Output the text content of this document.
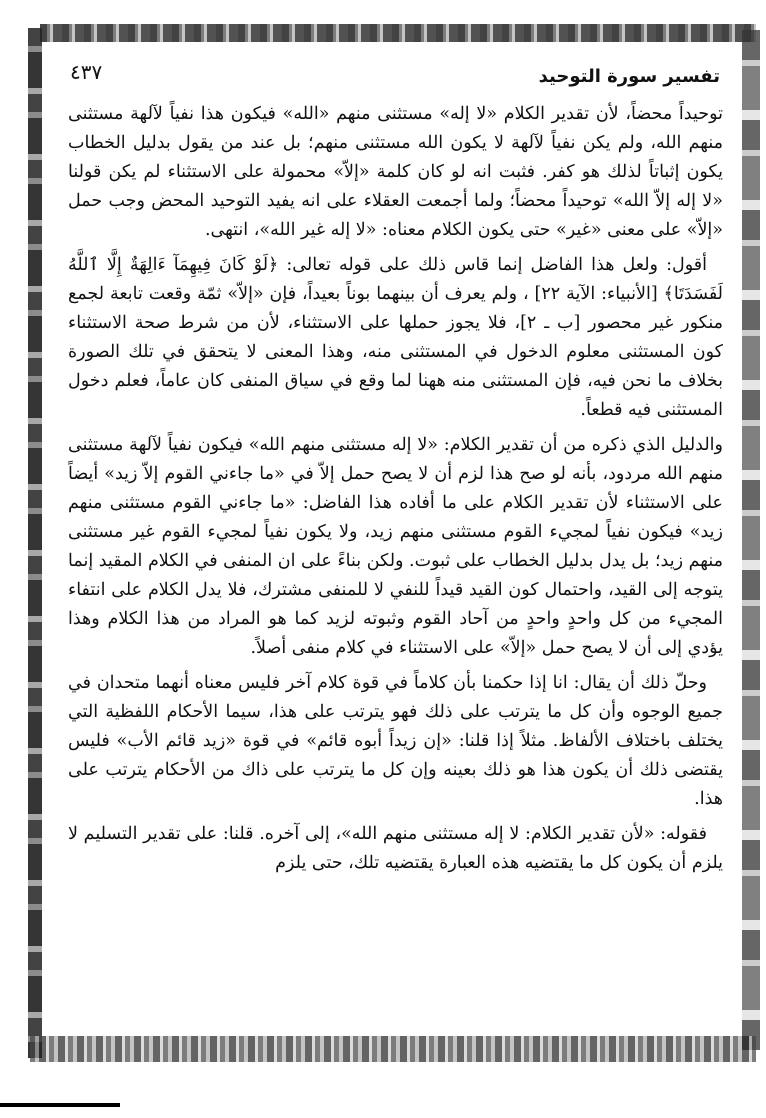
تفسير سورة التوحيد
٤٣٧

توحيداً محضاً، لأن تقدير الكلام «لا إله» مستثنى منهم «الله» فيكون هذا نفياً لآلهة مستثنى منهم الله، ولم يكن نفياً لآلهة لا يكون الله مستثنى منهم؛ بل عند من يقول بدليل الخطاب يكون إثباتاً لذلك هو كفر. فثبت انه لو كان كلمة «إلاّ» محمولة على الاستثناء لم يكن قولنا «لا إله إلاّ الله» توحيداً محضاً؛ ولما أجمعت العقلاء على انه يفيد التوحيد المحض وجب حمل «إلاّ» على معنى «غير» حتى يكون الكلام معناه: «لا إله غير الله»، انتهى.

أقول: ولعل هذا الفاضل إنما قاس ذلك على قوله تعالى: ﴿لَوْ كَانَ فِيهِمَآ ءَالِهَةٌ إِلَّا ٱللَّهُ لَفَسَدَتَا﴾ [الأنبياء: الآية ٢٢] ، ولم يعرف أن بينهما بوناً بعيداً، فإن «إلاّ» ثمّة وقعت تابعة لجمع منكور غير محصور [ب ـ ٢]، فلا يجوز حملها على الاستثناء، لأن من شرط صحة الاستثناء كون المستثنى معلوم الدخول في المستثنى منه، وهذا المعنى لا يتحقق في تلك الصورة بخلاف ما نحن فيه، فإن المستثنى منه ههنا لما وقع في سياق المنفى كان عاماً، فعلم دخول المستثنى فيه قطعاً.

والدليل الذي ذكره من أن تقدير الكلام: «لا إله مستثنى منهم الله» فيكون نفياً لآلهة مستثنى منهم الله مردود، بأنه لو صح هذا لزم أن لا يصح حمل إلاّ في «ما جاءني القوم إلاّ زيد» أيضاً على الاستثناء لأن تقدير الكلام على ما أفاده هذا الفاضل: «ما جاءني القوم مستثنى منهم زيد» فيكون نفياً لمجيء القوم مستثنى منهم زيد، ولا يكون نفياً لمجيء القوم غير مستثنى منهم زيد؛ بل يدل بدليل الخطاب على ثبوت. ولكن بناءً على ان المنفى في الكلام المقيد إنما يتوجه إلى القيد، واحتمال كون القيد قيداً للنفي لا للمنفى مشترك، فلا يدل الكلام على انتفاء المجيء من كل واحدٍ واحدٍ من آحاد القوم وثبوته لزيد كما هو المراد من هذا الكلام وهذا يؤدي إلى أن لا يصح حمل «إلاّ» على الاستثناء في كلام منفى أصلاً.

وحلّ ذلك أن يقال: انا إذا حكمنا بأن كلاماً في قوة كلام آخر فليس معناه أنهما متحدان في جميع الوجوه وأن كل ما يترتب على ذلك فهو يترتب على هذا، سيما الأحكام اللفظية التي يختلف باختلاف الألفاظ. مثلاً إذا قلنا: «إن زيداً أبوه قائم» في قوة «زيد قائم الأب» فليس يقتضى ذلك أن يكون هذا هو ذلك بعينه وإن كل ما يترتب على ذاك من الأحكام يترتب على هذا.

فقوله: «لأن تقدير الكلام: لا إله مستثنى منهم الله»، إلى آخره. قلنا: على تقدير التسليم لا يلزم أن يكون كل ما يقتضيه هذه العبارة يقتضيه تلك، حتى يلزم
